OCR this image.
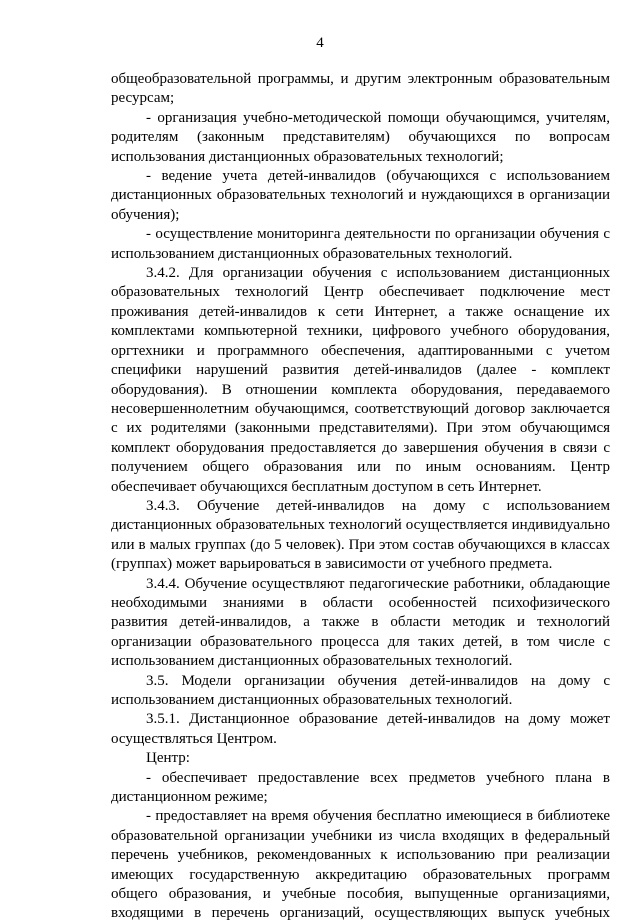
4

общеобразовательной программы, и другим электронным образовательным

ресурсам;

- организация учебно-методической помощи обучающимся, учителям,

родителям (законным представителям) обучающихся по вопросам

использования дистанционных образовательных технологий;

- ведение учета детей-инвалидов (обучающихся с использованием

дистанционных образовательных технологий и нуждающихся в организации

обучения);

- осуществление мониторинга деятельности по организации обучения с

использованием дистанционных образовательных технологий.

3.4.2. Для организации обучения с использованием дистанционных

образовательных технологий Центр обеспечивает подключение мест

проживания детей-инвалидов к сети Интернет, а также оснащение их

комплектами компьютерной техники, цифрового учебного оборудования,

оргтехники и программного обеспечения, адаптированными с учетом

специфики нарушений развития детей-инвалидов (далее - комплект

оборудования). В отношении комплекта оборудования, передаваемого

несовершеннолетним обучающимся, соответствующий договор заключается

с их родителями (законными представителями). При этом обучающимся

комплект оборудования предоставляется до завершения обучения в связи с

получением общего образования или по иным основаниям. Центр

обеспечивает обучающихся бесплатным доступом в сеть Интернет.

3.4.3. Обучение детей-инвалидов на дому с использованием

дистанционных образовательных технологий осуществляется индивидуально

или в малых группах (до 5 человек). При этом состав обучающихся в классах

(группах) может варьироваться в зависимости от учебного предмета.

3.4.4. Обучение осуществляют педагогические работники, обладающие

необходимыми знаниями в области особенностей психофизического

развития детей-инвалидов, а также в области методик и технологий

организации образовательного процесса для таких детей, в том числе с

использованием дистанционных образовательных технологий.

3.5. Модели организации обучения детей-инвалидов на дому с

использованием дистанционных образовательных технологий.

3.5.1. Дистанционное образование детей-инвалидов на дому может

осуществляться Центром.

Центр:

- обеспечивает предоставление всех предметов учебного плана в

дистанционном режиме;

- предоставляет на время обучения бесплатно имеющиеся в библиотеке

образовательной организации учебники из числа входящих в федеральный

перечень учебников, рекомендованных к использованию при реализации

имеющих государственную аккредитацию образовательных программ

общего образования, и учебные пособия, выпущенные организациями,

входящими в перечень организаций, осуществляющих выпуск учебных
